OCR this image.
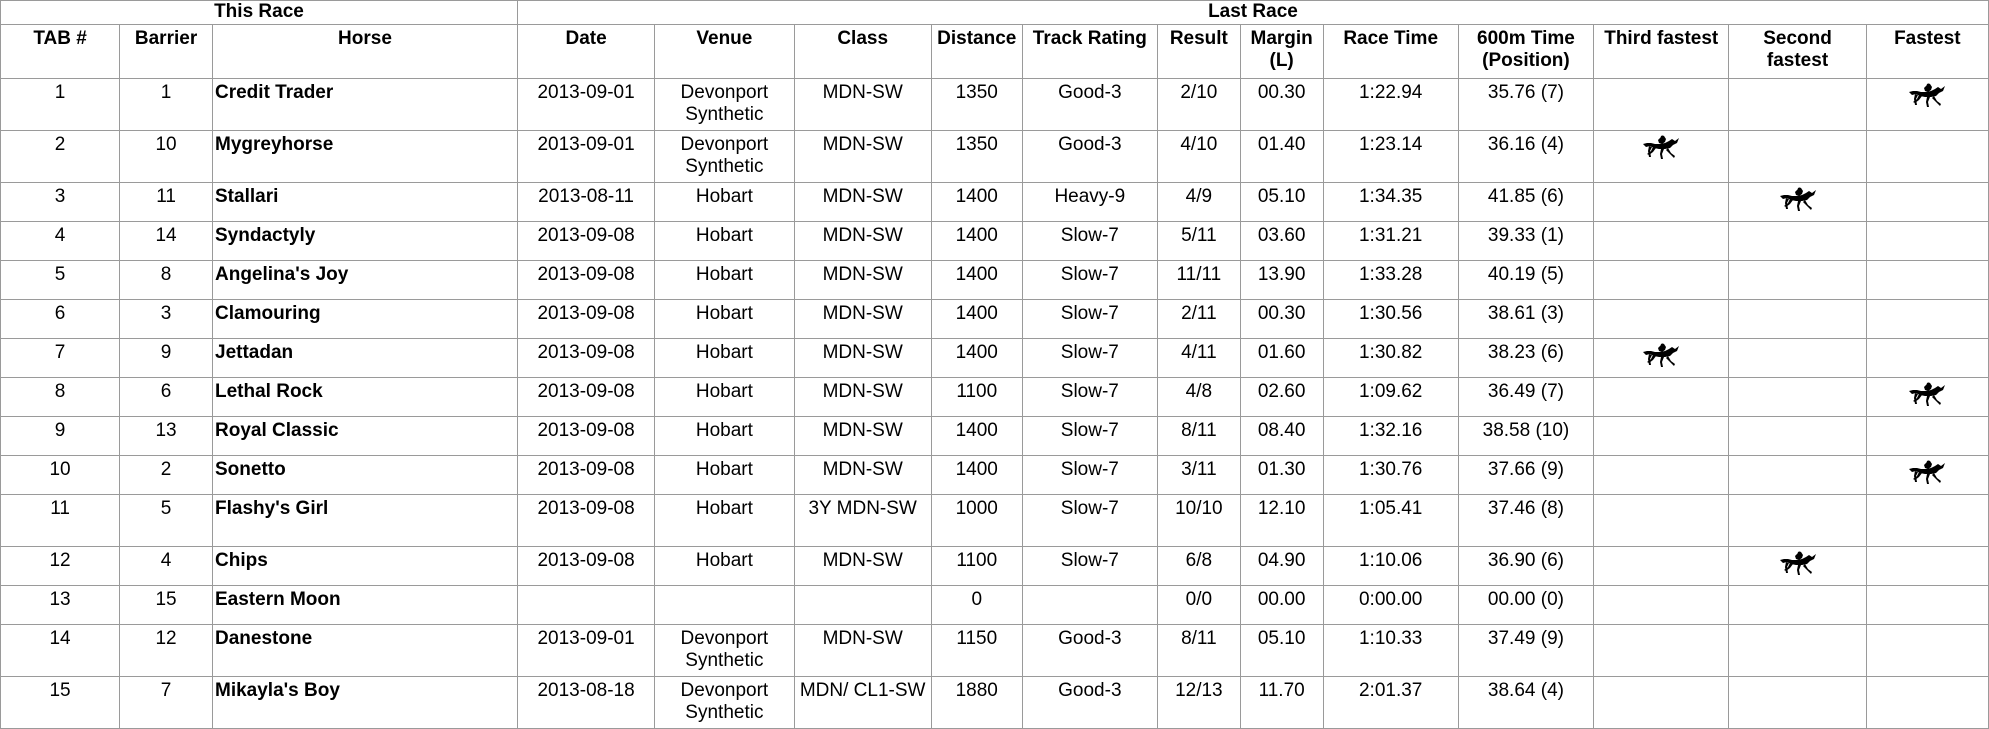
This Race			Last Race											
TAB #	Barrier	Horse	Date	Venue	Class	Distance	Track Rating	Result	Margin (L)	Race Time	600m Time (Position)	Third fastest	Second fastest	Fastest
1	1	Credit Trader	2013-09-01	Devonport Synthetic	MDN-SW	1350	Good-3	2/10	00.30	1:22.94	35.76 (7)			

2	10	Mygreyhorse	2013-09-01	Devonport Synthetic	MDN-SW	1350	Good-3	4/10	01.40	1:23.14	36.16 (4)	

3	11	Stallari	2013-08-11	Hobart	MDN-SW	1400	Heavy-9	4/9	05.10	1:34.35	41.85 (6)		

4	14	Syndactyly	2013-09-08	Hobart	MDN-SW	1400	Slow-7	5/11	03.60	1:31.21	39.33 (1)			
5	8	Angelina's Joy	2013-09-08	Hobart	MDN-SW	1400	Slow-7	11/11	13.90	1:33.28	40.19 (5)			
6	3	Clamouring	2013-09-08	Hobart	MDN-SW	1400	Slow-7	2/11	00.30	1:30.56	38.61 (3)			
7	9	Jettadan	2013-09-08	Hobart	MDN-SW	1400	Slow-7	4/11	01.60	1:30.82	38.23 (6)	

8	6	Lethal Rock	2013-09-08	Hobart	MDN-SW	1100	Slow-7	4/8	02.60	1:09.62	36.49 (7)			

9	13	Royal Classic	2013-09-08	Hobart	MDN-SW	1400	Slow-7	8/11	08.40	1:32.16	38.58 (10)			
10	2	Sonetto	2013-09-08	Hobart	MDN-SW	1400	Slow-7	3/11	01.30	1:30.76	37.66 (9)			

11	5	Flashy's Girl	2013-09-08	Hobart	3Y MDN-SW	1000	Slow-7	10/10	12.10	1:05.41	37.46 (8)			
12	4	Chips	2013-09-08	Hobart	MDN-SW	1100	Slow-7	6/8	04.90	1:10.06	36.90 (6)		

13	15	Eastern Moon				0		0/0	00.00	0:00.00	00.00 (0)			
14	12	Danestone	2013-09-01	Devonport Synthetic	MDN-SW	1150	Good-3	8/11	05.10	1:10.33	37.49 (9)			
15	7	Mikayla's Boy	2013-08-18	Devonport Synthetic	MDN/ CL1-SW	1880	Good-3	12/13	11.70	2:01.37	38.64 (4)			
